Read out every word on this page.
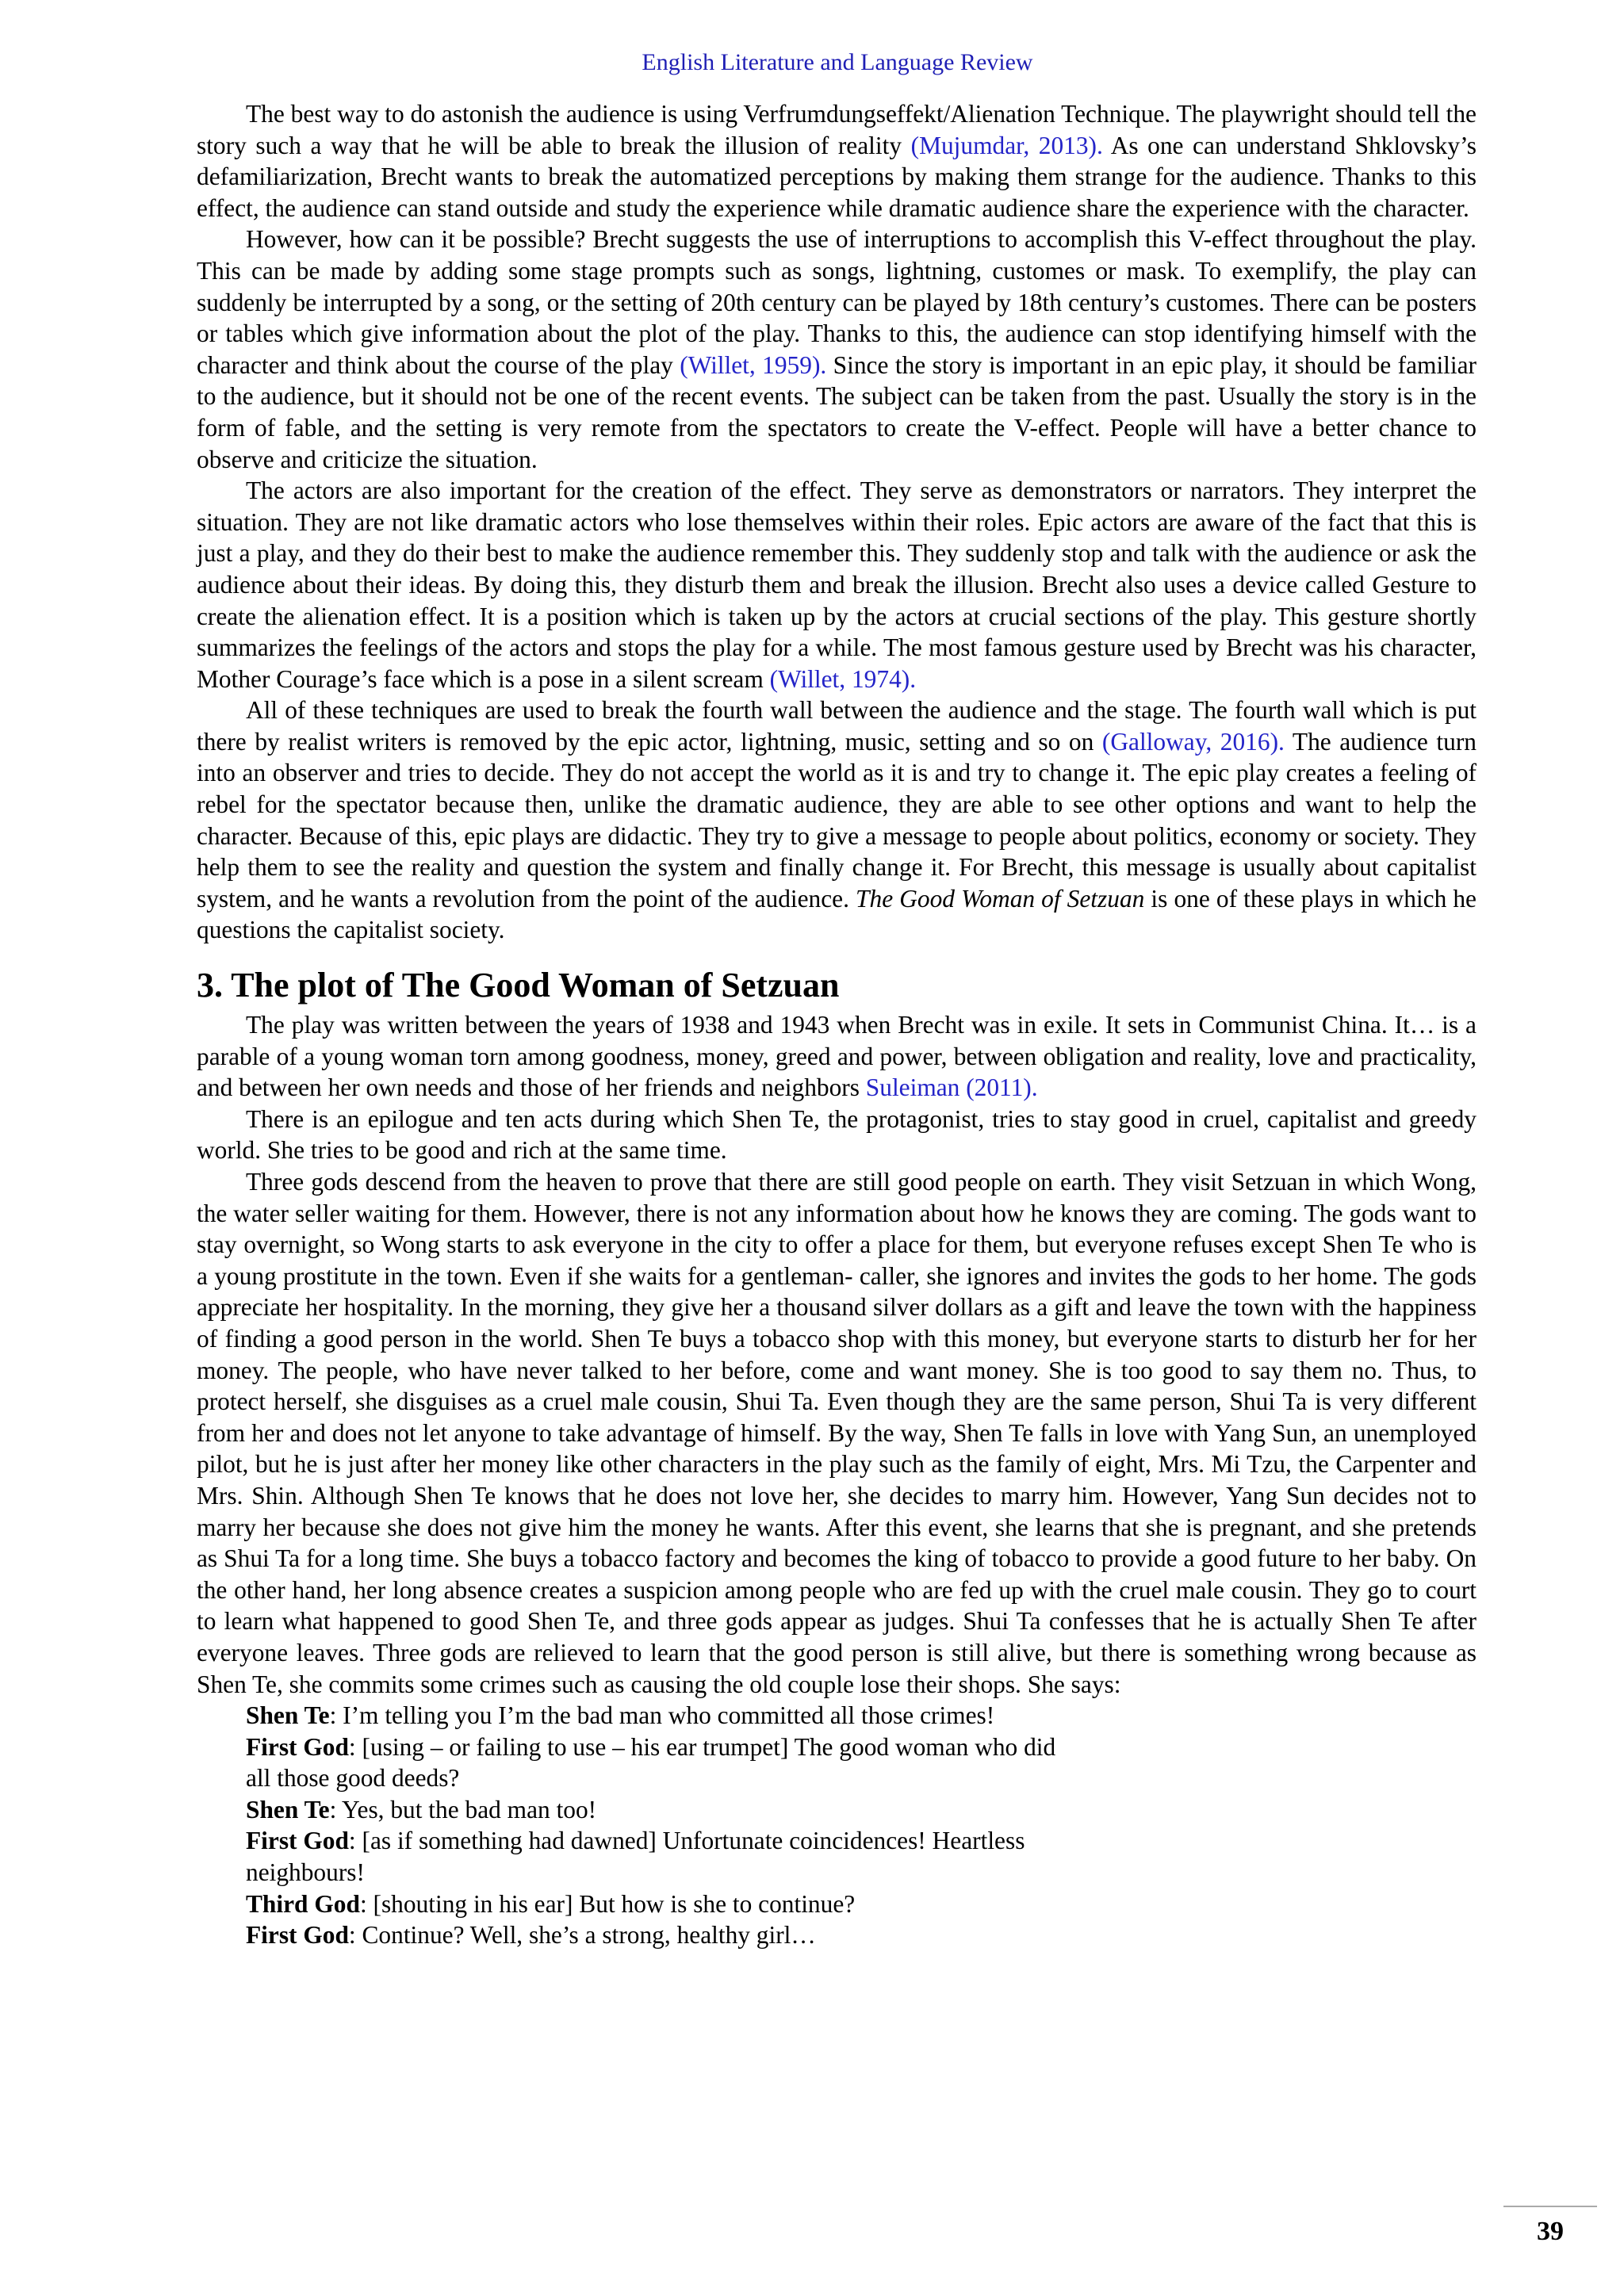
English Literature and Language Review

The best way to do astonish the audience is using Verfrumdungseffekt/Alienation Technique. The playwright should tell the story such a way that he will be able to break the illusion of reality (Mujumdar, 2013). As one can understand Shklovsky’s defamiliarization, Brecht wants to break the automatized perceptions by making them strange for the audience. Thanks to this effect, the audience can stand outside and study the experience while dramatic audience share the experience with the character.

However, how can it be possible? Brecht suggests the use of interruptions to accomplish this V-effect throughout the play. This can be made by adding some stage prompts such as songs, lightning, customes or mask. To exemplify, the play can suddenly be interrupted by a song, or the setting of 20th century can be played by 18th century’s customes. There can be posters or tables which give information about the plot of the play. Thanks to this, the audience can stop identifying himself with the character and think about the course of the play (Willet, 1959). Since the story is important in an epic play, it should be familiar to the audience, but it should not be one of the recent events. The subject can be taken from the past. Usually the story is in the form of fable, and the setting is very remote from the spectators to create the V-effect. People will have a better chance to observe and criticize the situation.

The actors are also important for the creation of the effect. They serve as demonstrators or narrators. They interpret the situation. They are not like dramatic actors who lose themselves within their roles. Epic actors are aware of the fact that this is just a play, and they do their best to make the audience remember this. They suddenly stop and talk with the audience or ask the audience about their ideas. By doing this, they disturb them and break the illusion. Brecht also uses a device called Gesture to create the alienation effect. It is a position which is taken up by the actors at crucial sections of the play. This gesture shortly summarizes the feelings of the actors and stops the play for a while. The most famous gesture used by Brecht was his character, Mother Courage’s face which is a pose in a silent scream (Willet, 1974).

All of these techniques are used to break the fourth wall between the audience and the stage. The fourth wall which is put there by realist writers is removed by the epic actor, lightning, music, setting and so on (Galloway, 2016). The audience turn into an observer and tries to decide. They do not accept the world as it is and try to change it. The epic play creates a feeling of rebel for the spectator because then, unlike the dramatic audience, they are able to see other options and want to help the character. Because of this, epic plays are didactic. They try to give a message to people about politics, economy or society. They help them to see the reality and question the system and finally change it. For Brecht, this message is usually about capitalist system, and he wants a revolution from the point of the audience. The Good Woman of Setzuan is one of these plays in which he questions the capitalist society.

3. The plot of The Good Woman of Setzuan

The play was written between the years of 1938 and 1943 when Brecht was in exile. It sets in Communist China. It… is a parable of a young woman torn among goodness, money, greed and power, between obligation and reality, love and practicality, and between her own needs and those of her friends and neighbors Suleiman (2011).

There is an epilogue and ten acts during which Shen Te, the protagonist, tries to stay good in cruel, capitalist and greedy world. She tries to be good and rich at the same time.

Three gods descend from the heaven to prove that there are still good people on earth. They visit Setzuan in which Wong, the water seller waiting for them. However, there is not any information about how he knows they are coming. The gods want to stay overnight, so Wong starts to ask everyone in the city to offer a place for them, but everyone refuses except Shen Te who is a young prostitute in the town. Even if she waits for a gentleman- caller, she ignores and invites the gods to her home. The gods appreciate her hospitality. In the morning, they give her a thousand silver dollars as a gift and leave the town with the happiness of finding a good person in the world. Shen Te buys a tobacco shop with this money, but everyone starts to disturb her for her money. The people, who have never talked to her before, come and want money. She is too good to say them no. Thus, to protect herself, she disguises as a cruel male cousin, Shui Ta. Even though they are the same person, Shui Ta is very different from her and does not let anyone to take advantage of himself. By the way, Shen Te falls in love with Yang Sun, an unemployed pilot, but he is just after her money like other characters in the play such as the family of eight, Mrs. Mi Tzu, the Carpenter and Mrs. Shin. Although Shen Te knows that he does not love her, she decides to marry him. However, Yang Sun decides not to marry her because she does not give him the money he wants. After this event, she learns that she is pregnant, and she pretends as Shui Ta for a long time. She buys a tobacco factory and becomes the king of tobacco to provide a good future to her baby. On the other hand, her long absence creates a suspicion among people who are fed up with the cruel male cousin. They go to court to learn what happened to good Shen Te, and three gods appear as judges. Shui Ta confesses that he is actually Shen Te after everyone leaves. Three gods are relieved to learn that the good person is still alive, but there is something wrong because as Shen Te, she commits some crimes such as causing the old couple lose their shops. She says:

Shen Te: I’m telling you I’m the bad man who committed all those crimes!

First God: [using – or failing to use – his ear trumpet] The good woman who did all those good deeds?

Shen Te: Yes, but the bad man too!

First God: [as if something had dawned] Unfortunate coincidences! Heartless neighbours!

Third God: [shouting in his ear] But how is she to continue?

First God: Continue? Well, she’s a strong, healthy girl…

39
